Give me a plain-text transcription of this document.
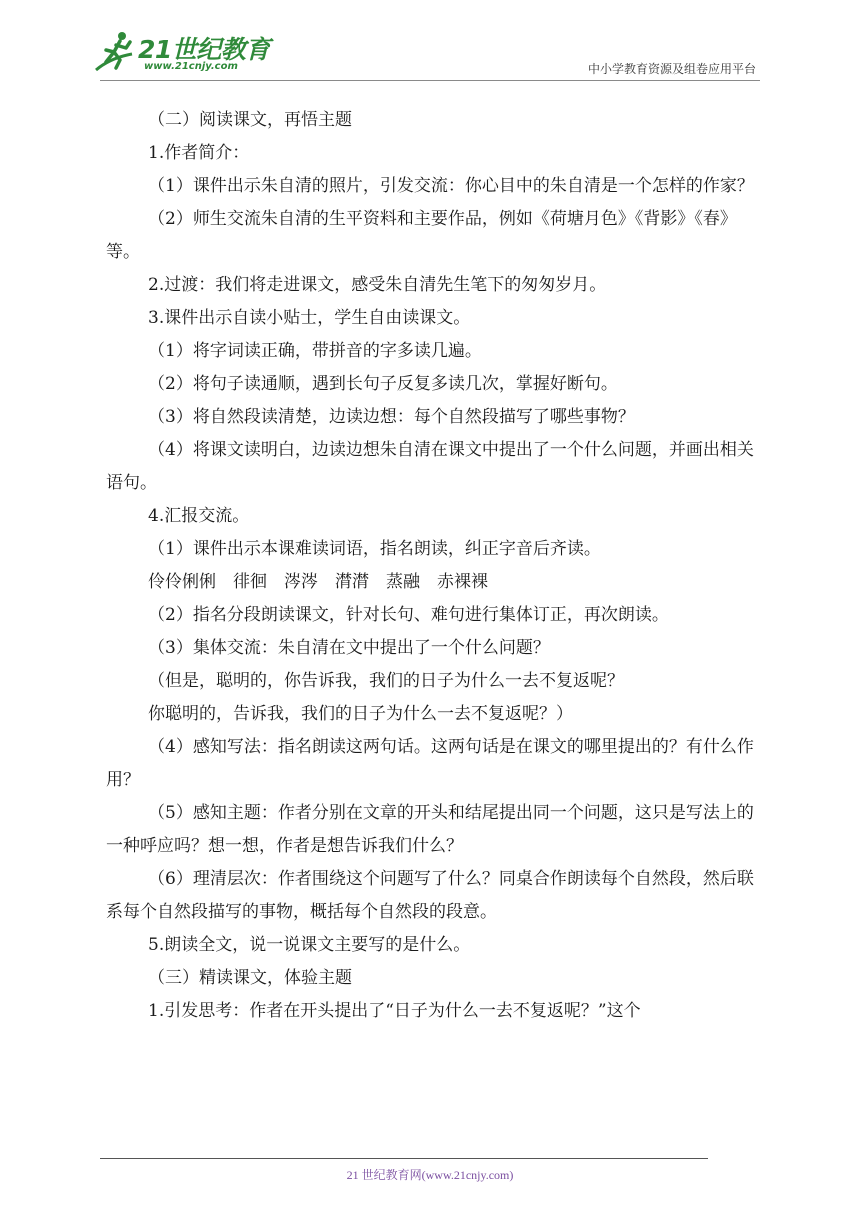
21世纪教育
www.21cnjy.com	中小学教育资源及组卷应用平台

（二）阅读课文，再悟主题

1.作者简介：

（1）课件出示朱自清的照片，引发交流：你心目中的朱自清是一个怎样的作家？

（2）师生交流朱自清的生平资料和主要作品，例如《荷塘月色》《背影》《春》等。

2.过渡：我们将走进课文，感受朱自清先生笔下的匆匆岁月。

3.课件出示自读小贴士，学生自由读课文。

（1）将字词读正确，带拼音的字多读几遍。

（2）将句子读通顺，遇到长句子反复多读几次，掌握好断句。

（3）将自然段读清楚，边读边想：每个自然段描写了哪些事物？

（4）将课文读明白，边读边想朱自清在课文中提出了一个什么问题，并画出相关语句。

4.汇报交流。

（1）课件出示本课难读词语，指名朗读，纠正字音后齐读。

伶伶俐俐　徘徊　涔涔　潸潸　蒸融　赤裸裸

（2）指名分段朗读课文，针对长句、难句进行集体订正，再次朗读。

（3）集体交流：朱自清在文中提出了一个什么问题？

（但是，聪明的，你告诉我，我们的日子为什么一去不复返呢？

你聪明的，告诉我，我们的日子为什么一去不复返呢？）

（4）感知写法：指名朗读这两句话。这两句话是在课文的哪里提出的？有什么作用？

（5）感知主题：作者分别在文章的开头和结尾提出同一个问题，这只是写法上的一种呼应吗？想一想，作者是想告诉我们什么？

（6）理清层次：作者围绕这个问题写了什么？同桌合作朗读每个自然段，然后联系每个自然段描写的事物，概括每个自然段的段意。

5.朗读全文，说一说课文主要写的是什么。

（三）精读课文，体验主题

1.引发思考：作者在开头提出了“日子为什么一去不复返呢？”这个

21 世纪教育网(www.21cnjy.com)
